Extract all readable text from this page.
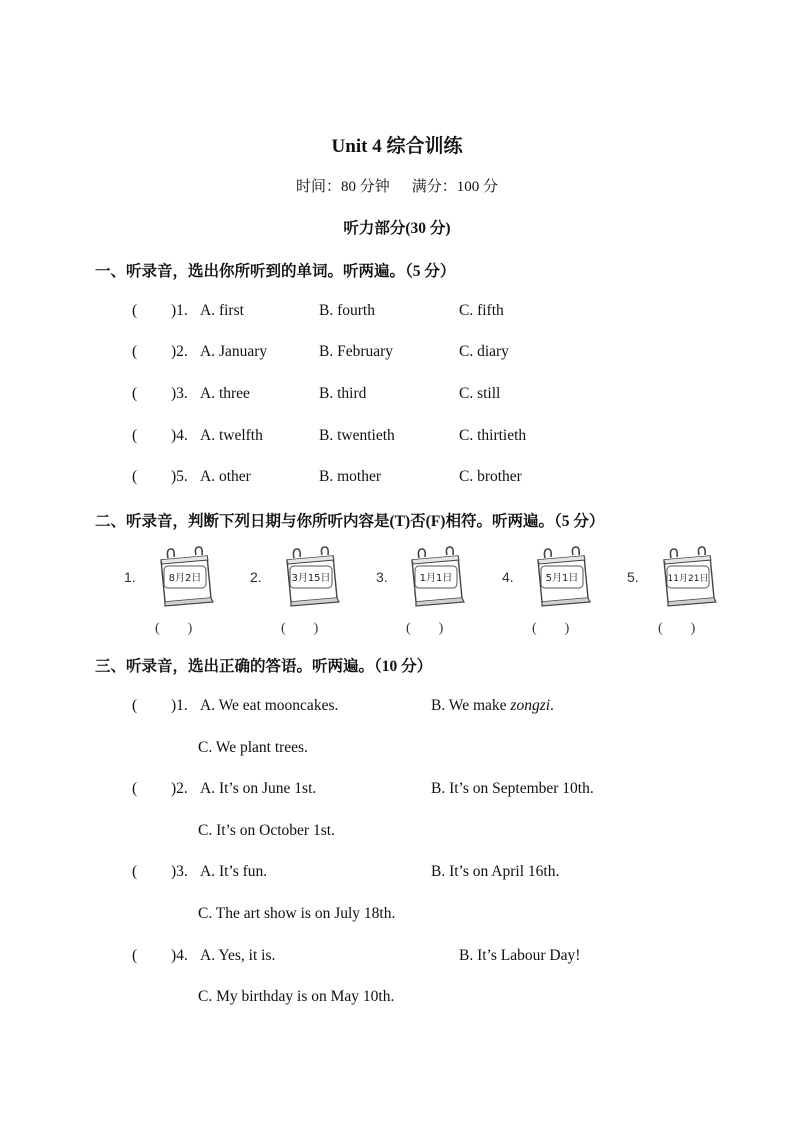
Unit 4 综合训练
时间：80 分钟 满分：100 分
听力部分(30 分)
一、听录音，选出你所听到的单词。听两遍。（5 分）
( )1. A. first	B. fourth	C. fifth
( )2. A. January	B. February	C. diary
( )3. A. three	B. third	C. still
( )4. A. twelfth	B. twentieth	C. thirtieth
( )5. A. other	B. mother	C. brother
二、听录音，判断下列日期与你所听内容是(T)否(F)相符。听两遍。（5 分）
1.	8月2日
(　　)
2.	3月15日
(　　)
3.	1月1日
(　　)
4.	5月1日
(　　)
5.	11月21日
(　　)
三、听录音，选出正确的答语。听两遍。（10 分）
( )1. A. We eat mooncakes.	B. We make zongzi.
C. We plant trees.
( )2. A. It’s on June 1st.	B. It’s on September 10th.
C. It’s on October 1st.
( )3. A. It’s fun.	B. It’s on April 16th.
C. The art show is on July 18th.
( )4. A. Yes, it is.	B. It’s Labour Day!
C. My birthday is on May 10th.
